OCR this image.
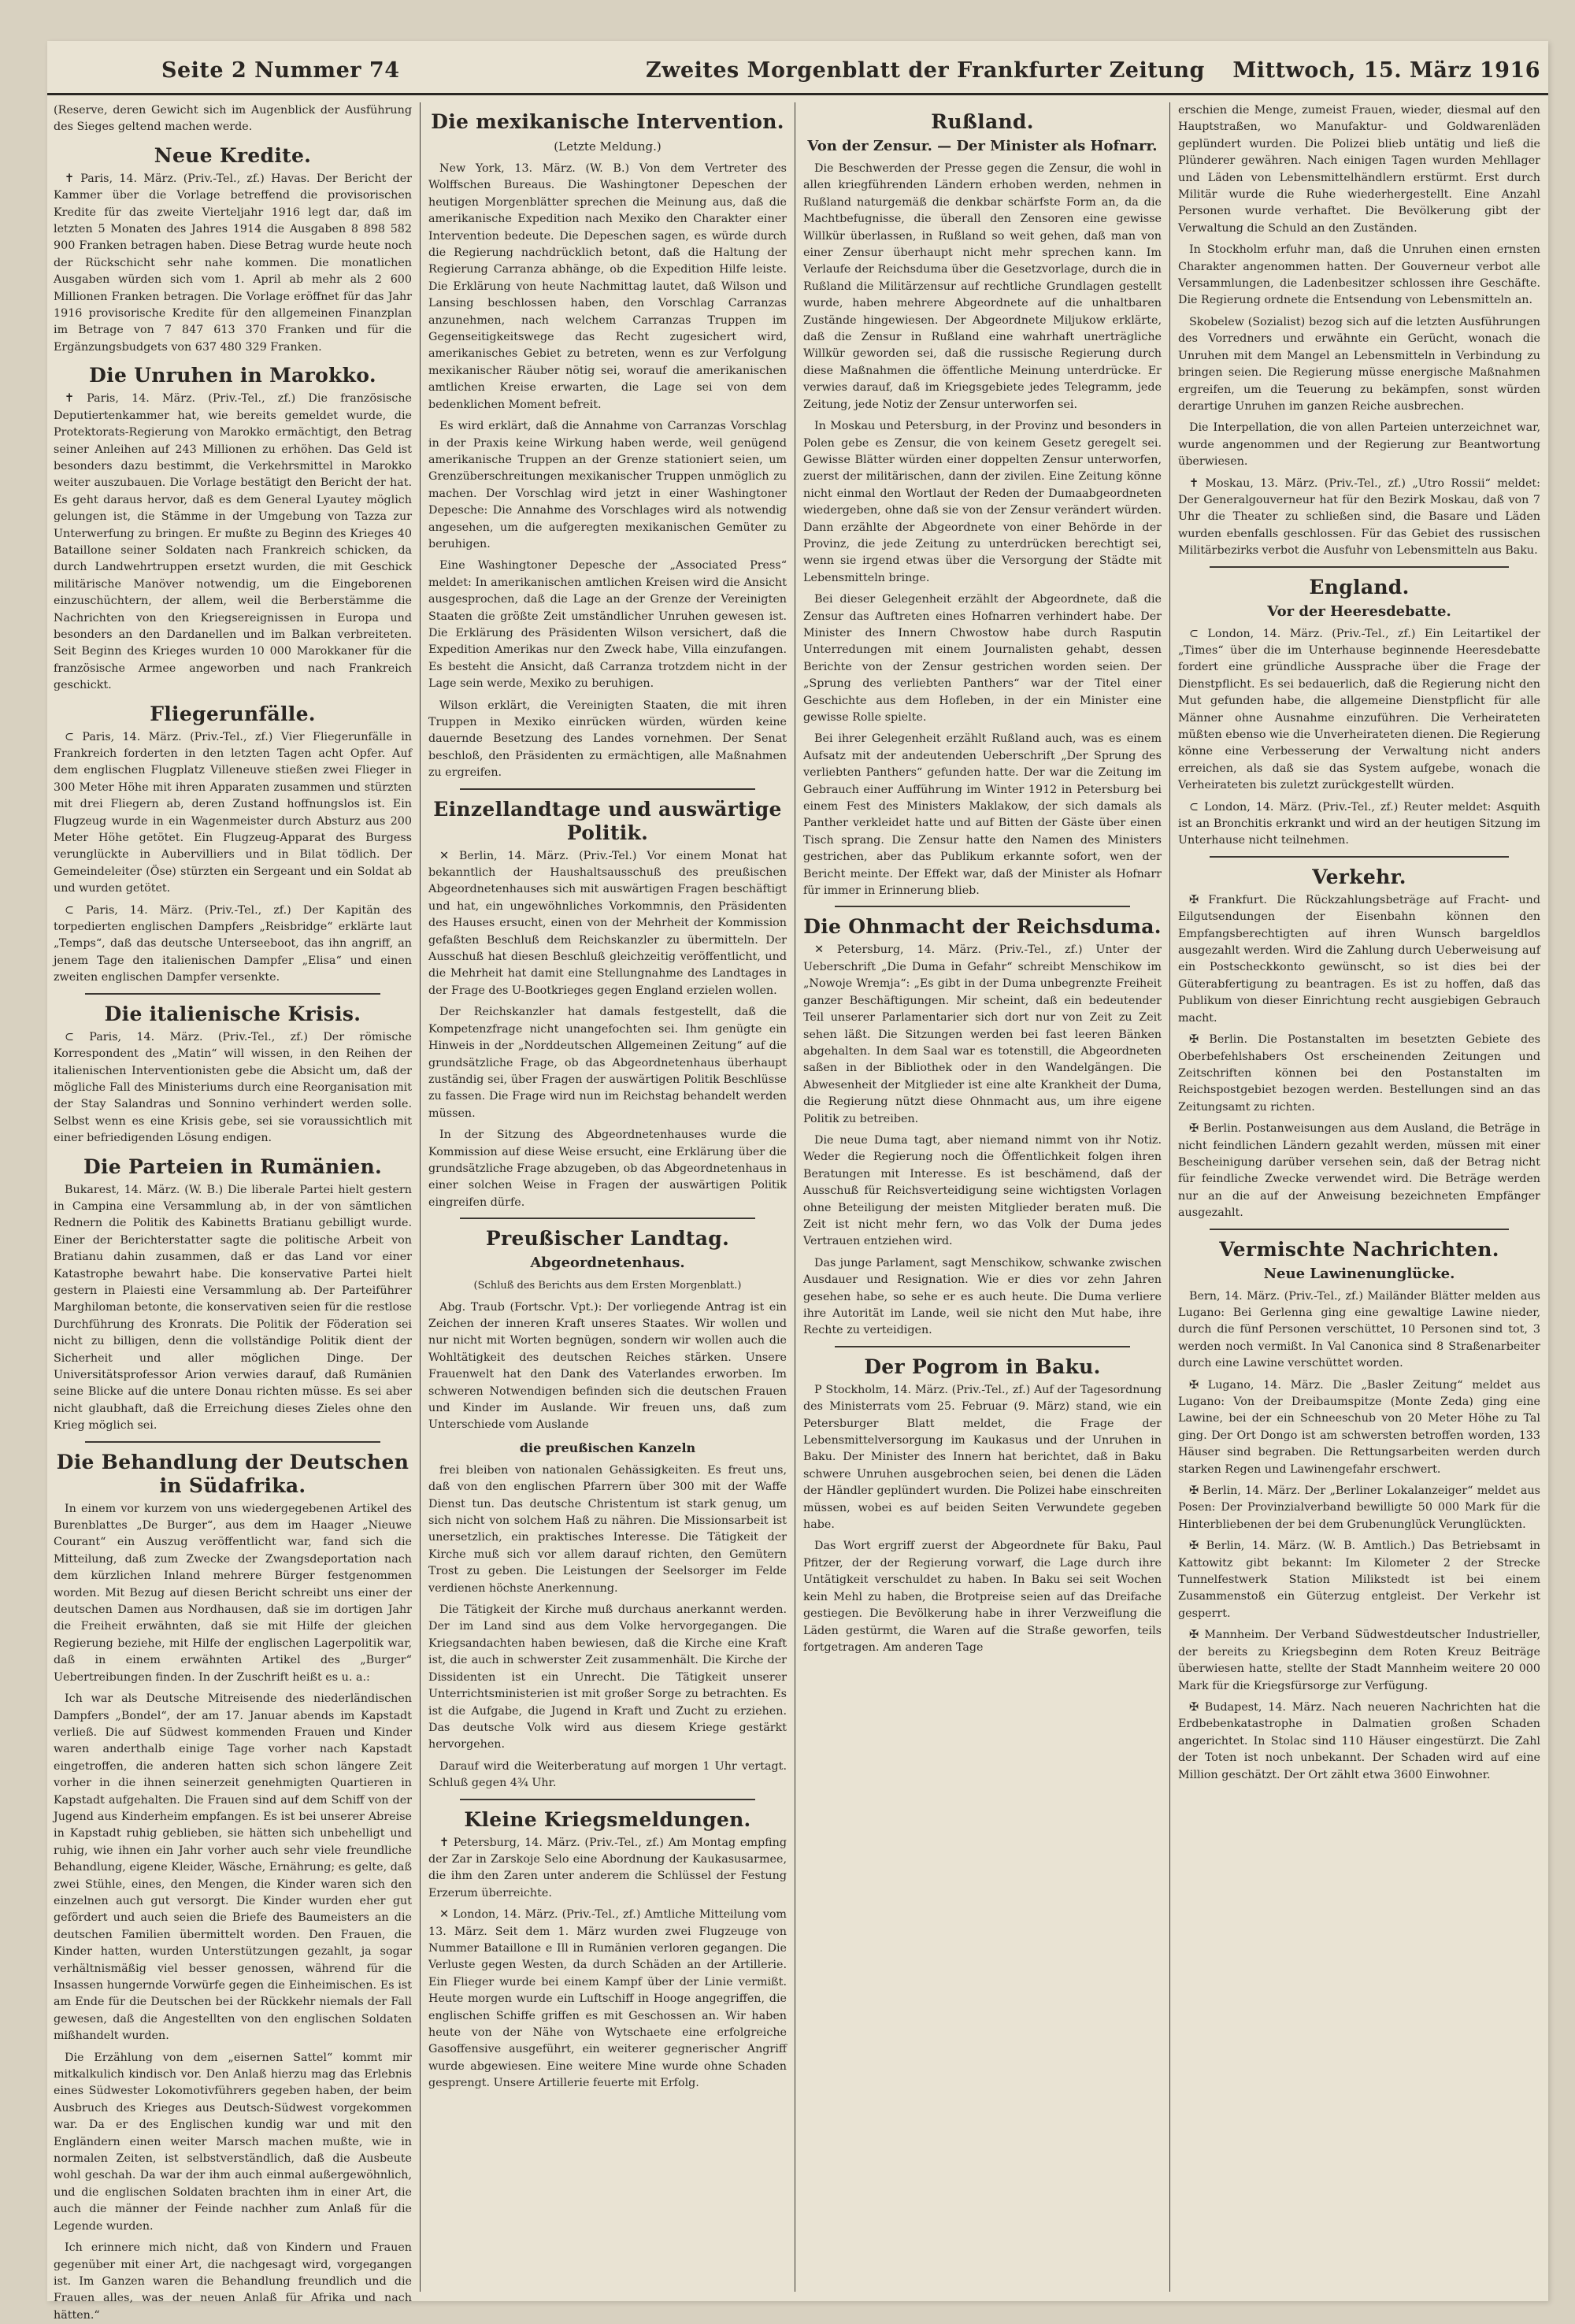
Seite 2 Nummer 74	Zweites Morgenblatt der Frankfurter Zeitung Mittwoch, 15. März 1916

(Reserve, deren Gewicht sich im Augenblick der Ausführung des Sieges geltend machen werde.

Neue Kredite.

✝ Paris, 14. März. (Priv.-Tel., zf.) Havas. Der Bericht der Kammer über die Vorlage betreffend die provisorischen Kredite für das zweite Vierteljahr 1916 legt dar, daß im letzten 5 Monaten des Jahres 1914 die Ausgaben 8 898 582 900 Franken betragen haben. Diese Betrag wurde heute noch der Rückschicht sehr nahe kommen. Die monatlichen Ausgaben würden sich vom 1. April ab mehr als 2 600 Millionen Franken betragen. Die Vorlage eröffnet für das Jahr 1916 provisorische Kredite für den allgemeinen Finanzplan im Betrage von 7 847 613 370 Franken und für die Ergänzungsbudgets von 637 480 329 Franken.

Die Unruhen in Marokko.

✝ Paris, 14. März. (Priv.-Tel., zf.) Die französische Deputiertenkammer hat, wie bereits gemeldet wurde, die Protektorats-Regierung von Marokko ermächtigt, den Betrag seiner Anleihen auf 243 Millionen zu erhöhen. Das Geld ist besonders dazu bestimmt, die Verkehrsmittel in Marokko weiter auszubauen. Die Vorlage bestätigt den Bericht der hat. Es geht daraus hervor, daß es dem General Lyautey möglich gelungen ist, die Stämme in der Umgebung von Tazza zur Unterwerfung zu bringen. Er mußte zu Beginn des Krieges 40 Bataillone seiner Soldaten nach Frankreich schicken, da durch Landwehrtruppen ersetzt wurden, die mit Geschick militärische Manöver notwendig, um die Eingeborenen einzuschüchtern, der allem, weil die Berberstämme die Nachrichten von den Kriegsereignissen in Europa und besonders an den Dardanellen und im Balkan verbreiteten. Seit Beginn des Krieges wurden 10 000 Marokkaner für die französische Armee angeworben und nach Frankreich geschickt.

Fliegerunfälle.

⊂ Paris, 14. März. (Priv.-Tel., zf.) Vier Fliegerunfälle in Frankreich forderten in den letzten Tagen acht Opfer. Auf dem englischen Flugplatz Villeneuve stießen zwei Flieger in 300 Meter Höhe mit ihren Apparaten zusammen und stürzten mit drei Fliegern ab, deren Zustand hoffnungslos ist. Ein Flugzeug wurde in ein Wagenmeister durch Absturz aus 200 Meter Höhe getötet. Ein Flugzeug-Apparat des Burgess verunglückte in Aubervilliers und in Bilat tödlich. Der Gemeindeleiter (Öse) stürzten ein Sergeant und ein Soldat ab und wurden getötet.

⊂ Paris, 14. März. (Priv.-Tel., zf.) Der Kapitän des torpedierten englischen Dampfers „Reisbridge“ erklärte laut „Temps“, daß das deutsche Unterseeboot, das ihn angriff, an jenem Tage den italienischen Dampfer „Elisa“ und einen zweiten englischen Dampfer versenkte.

Die italienische Krisis.

⊂ Paris, 14. März. (Priv.-Tel., zf.) Der römische Korrespondent des „Matin“ will wissen, in den Reihen der italienischen Interventionisten gebe die Absicht um, daß der mögliche Fall des Ministeriums durch eine Reorganisation mit der Stay Salandras und Sonnino verhindert werden solle. Selbst wenn es eine Krisis gebe, sei sie voraussichtlich mit einer befriedigenden Lösung endigen.

Die Parteien in Rumänien.

Bukarest, 14. März. (W. B.) Die liberale Partei hielt gestern in Campina eine Versammlung ab, in der von sämtlichen Rednern die Politik des Kabinetts Bratianu gebilligt wurde. Einer der Berichterstatter sagte die politische Arbeit von Bratianu dahin zusammen, daß er das Land vor einer Katastrophe bewahrt habe. Die konservative Partei hielt gestern in Plaiesti eine Versammlung ab. Der Parteiführer Marghiloman betonte, die konservativen seien für die restlose Durchführung des Kronrats. Die Politik der Föderation sei nicht zu billigen, denn die vollständige Politik dient der Sicherheit und aller möglichen Dinge. Der Universitätsprofessor Arion verwies darauf, daß Rumänien seine Blicke auf die untere Donau richten müsse. Es sei aber nicht glaubhaft, daß die Erreichung dieses Zieles ohne den Krieg möglich sei.

Die Behandlung der Deutschen in Südafrika.

In einem vor kurzem von uns wiedergegebenen Artikel des Burenblattes „De Burger“, aus dem im Haager „Nieuwe Courant“ ein Auszug veröffentlicht war, fand sich die Mitteilung, daß zum Zwecke der Zwangsdeportation nach dem kürzlichen Inland mehrere Bürger festgenommen worden. Mit Bezug auf diesen Bericht schreibt uns einer der deutschen Damen aus Nordhausen, daß sie im dortigen Jahr die Freiheit erwähnten, daß sie mit Hilfe der gleichen Regierung beziehe, mit Hilfe der englischen Lagerpolitik war, daß in einem erwähnten Artikel des „Burger“ Uebertreibungen finden. In der Zuschrift heißt es u. a.:

Ich war als Deutsche Mitreisende des niederländischen Dampfers „Bondel“, der am 17. Januar abends im Kapstadt verließ. Die auf Südwest kommenden Frauen und Kinder waren anderthalb einige Tage vorher nach Kapstadt eingetroffen, die anderen hatten sich schon längere Zeit vorher in die ihnen seinerzeit genehmigten Quartieren in Kapstadt aufgehalten. Die Frauen sind auf dem Schiff von der Jugend aus Kinderheim empfangen. Es ist bei unserer Abreise in Kapstadt ruhig geblieben, sie hätten sich unbehelligt und ruhig, wie ihnen ein Jahr vorher auch sehr viele freundliche Behandlung, eigene Kleider, Wäsche, Ernährung; es gelte, daß zwei Stühle, eines, den Mengen, die Kinder waren sich den einzelnen auch gut versorgt. Die Kinder wurden eher gut gefördert und auch seien die Briefe des Baumeisters an die deutschen Familien übermittelt worden. Den Frauen, die Kinder hatten, wurden Unterstützungen gezahlt, ja sogar verhältnismäßig viel besser genossen, während für die Insassen hungernde Vorwürfe gegen die Einheimischen. Es ist am Ende für die Deutschen bei der Rückkehr niemals der Fall gewesen, daß die Angestellten von den englischen Soldaten mißhandelt wurden.

Die Erzählung von dem „eisernen Sattel“ kommt mir mitkalkulich kindisch vor. Den Anlaß hierzu mag das Erlebnis eines Südwester Lokomotivführers gegeben haben, der beim Ausbruch des Krieges aus Deutsch-Südwest vorgekommen war. Da er des Englischen kundig war und mit den Engländern einen weiter Marsch machen mußte, wie in normalen Zeiten, ist selbstverständlich, daß die Ausbeute wohl geschah. Da war der ihm auch einmal außergewöhnlich, und die englischen Soldaten brachten ihm in einer Art, die auch die männer der Feinde nachher zum Anlaß für die Legende wurden.

Ich erinnere mich nicht, daß von Kindern und Frauen gegenüber mit einer Art, die nachgesagt wird, vorgegangen ist. Im Ganzen waren die Behandlung freundlich und die Frauen alles, was der neuen Anlaß für Afrika und nach hätten.“

Die mexikanische Intervention.
(Letzte Meldung.)

New York, 13. März. (W. B.) Von dem Vertreter des Wolffschen Bureaus. Die Washingtoner Depeschen der heutigen Morgenblätter sprechen die Meinung aus, daß die amerikanische Expedition nach Mexiko den Charakter einer Intervention bedeute. Die Depeschen sagen, es würde durch die Regierung nachdrücklich betont, daß die Haltung der Regierung Carranza abhänge, ob die Expedition Hilfe leiste. Die Erklärung von heute Nachmittag lautet, daß Wilson und Lansing beschlossen haben, den Vorschlag Carranzas anzunehmen, nach welchem Carranzas Truppen im Gegenseitigkeitswege das Recht zugesichert wird, amerikanisches Gebiet zu betreten, wenn es zur Verfolgung mexikanischer Räuber nötig sei, worauf die amerikanischen amtlichen Kreise erwarten, die Lage sei von dem bedenklichen Moment befreit.

Es wird erklärt, daß die Annahme von Carranzas Vorschlag in der Praxis keine Wirkung haben werde, weil genügend amerikanische Truppen an der Grenze stationiert seien, um Grenzüberschreitungen mexikanischer Truppen unmöglich zu machen. Der Vorschlag wird jetzt in einer Washingtoner Depesche: Die Annahme des Vorschlages wird als notwendig angesehen, um die aufgeregten mexikanischen Gemüter zu beruhigen.

Eine Washingtoner Depesche der „Associated Press“ meldet: In amerikanischen amtlichen Kreisen wird die Ansicht ausgesprochen, daß die Lage an der Grenze der Vereinigten Staaten die größte Zeit umständlicher Unruhen gewesen ist. Die Erklärung des Präsidenten Wilson versichert, daß die Expedition Amerikas nur den Zweck habe, Villa einzufangen. Es besteht die Ansicht, daß Carranza trotzdem nicht in der Lage sein werde, Mexiko zu beruhigen.

Wilson erklärt, die Vereinigten Staaten, die mit ihren Truppen in Mexiko einrücken würden, würden keine dauernde Besetzung des Landes vornehmen. Der Senat beschloß, den Präsidenten zu ermächtigen, alle Maßnahmen zu ergreifen.

Einzellandtage und auswärtige Politik.

✕ Berlin, 14. März. (Priv.-Tel.) Vor einem Monat hat bekanntlich der Haushaltsausschuß des preußischen Abgeordnetenhauses sich mit auswärtigen Fragen beschäftigt und hat, ein ungewöhnliches Vorkommnis, den Präsidenten des Hauses ersucht, einen von der Mehrheit der Kommission gefaßten Beschluß dem Reichskanzler zu übermitteln. Der Ausschuß hat diesen Beschluß gleichzeitig veröffentlicht, und die Mehrheit hat damit eine Stellungnahme des Landtages in der Frage des U-Bootkrieges gegen England erzielen wollen.

Der Reichskanzler hat damals festgestellt, daß die Kompetenzfrage nicht unangefochten sei. Ihm genügte ein Hinweis in der „Norddeutschen Allgemeinen Zeitung“ auf die grundsätzliche Frage, ob das Abgeordnetenhaus überhaupt zuständig sei, über Fragen der auswärtigen Politik Beschlüsse zu fassen. Die Frage wird nun im Reichstag behandelt werden müssen.

In der Sitzung des Abgeordnetenhauses wurde die Kommission auf diese Weise ersucht, eine Erklärung über die grundsätzliche Frage abzugeben, ob das Abgeordnetenhaus in einer solchen Weise in Fragen der auswärtigen Politik eingreifen dürfe.

Preußischer Landtag.
Abgeordnetenhaus.

(Schluß des Berichts aus dem Ersten Morgenblatt.)

Abg. Traub (Fortschr. Vpt.): Der vorliegende Antrag ist ein Zeichen der inneren Kraft unseres Staates. Wir wollen und nur nicht mit Worten begnügen, sondern wir wollen auch die Wohltätigkeit des deutschen Reiches stärken. Unsere Frauenwelt hat den Dank des Vaterlandes erworben. Im schweren Notwendigen befinden sich die deutschen Frauen und Kinder im Auslande. Wir freuen uns, daß zum Unterschiede vom Auslande

die preußischen Kanzeln

frei bleiben von nationalen Gehässigkeiten. Es freut uns, daß von den englischen Pfarrern über 300 mit der Waffe Dienst tun. Das deutsche Christentum ist stark genug, um sich nicht von solchem Haß zu nähren. Die Missionsarbeit ist unersetzlich, ein praktisches Interesse. Die Tätigkeit der Kirche muß sich vor allem darauf richten, den Gemütern Trost zu geben. Die Leistungen der Seelsorger im Felde verdienen höchste Anerkennung.

Die Tätigkeit der Kirche muß durchaus anerkannt werden. Der im Land sind aus dem Volke hervorgegangen. Die Kriegsandachten haben bewiesen, daß die Kirche eine Kraft ist, die auch in schwerster Zeit zusammenhält. Die Kirche der Dissidenten ist ein Unrecht. Die Tätigkeit unserer Unterrichtsministerien ist mit großer Sorge zu betrachten. Es ist die Aufgabe, die Jugend in Kraft und Zucht zu erziehen. Das deutsche Volk wird aus diesem Kriege gestärkt hervorgehen.

Darauf wird die Weiterberatung auf morgen 1 Uhr vertagt. Schluß gegen 4¾ Uhr.

Kleine Kriegsmeldungen.

✝ Petersburg, 14. März. (Priv.-Tel., zf.) Am Montag empfing der Zar in Zarskoje Selo eine Abordnung der Kaukasusarmee, die ihm den Zaren unter anderem die Schlüssel der Festung Erzerum überreichte.

✕ London, 14. März. (Priv.-Tel., zf.) Amtliche Mitteilung vom 13. März. Seit dem 1. März wurden zwei Flugzeuge von Nummer Bataillone e Ill in Rumänien verloren gegangen. Die Verluste gegen Westen, da durch Schäden an der Artillerie. Ein Flieger wurde bei einem Kampf über der Linie vermißt. Heute morgen wurde ein Luftschiff in Hooge angegriffen, die englischen Schiffe griffen es mit Geschossen an. Wir haben heute von der Nähe von Wytschaete eine erfolgreiche Gasoffensive ausgeführt, ein weiterer gegnerischer Angriff wurde abgewiesen. Eine weitere Mine wurde ohne Schaden gesprengt. Unsere Artillerie feuerte mit Erfolg.

Rußland.
Von der Zensur. — Der Minister als Hofnarr.

Die Beschwerden der Presse gegen die Zensur, die wohl in allen kriegführenden Ländern erhoben werden, nehmen in Rußland naturgemäß die denkbar schärfste Form an, da die Machtbefugnisse, die überall den Zensoren eine gewisse Willkür überlassen, in Rußland so weit gehen, daß man von einer Zensur überhaupt nicht mehr sprechen kann. Im Verlaufe der Reichsduma über die Gesetzvorlage, durch die in Rußland die Militärzensur auf rechtliche Grundlagen gestellt wurde, haben mehrere Abgeordnete auf die unhaltbaren Zustände hingewiesen. Der Abgeordnete Miljukow erklärte, daß die Zensur in Rußland eine wahrhaft unerträgliche Willkür geworden sei, daß die russische Regierung durch diese Maßnahmen die öffentliche Meinung unterdrücke. Er verwies darauf, daß im Kriegsgebiete jedes Telegramm, jede Zeitung, jede Notiz der Zensur unterworfen sei.

In Moskau und Petersburg, in der Provinz und besonders in Polen gebe es Zensur, die von keinem Gesetz geregelt sei. Gewisse Blätter würden einer doppelten Zensur unterworfen, zuerst der militärischen, dann der zivilen. Eine Zeitung könne nicht einmal den Wortlaut der Reden der Dumaabgeordneten wiedergeben, ohne daß sie von der Zensur verändert würden. Dann erzählte der Abgeordnete von einer Behörde in der Provinz, die jede Zeitung zu unterdrücken berechtigt sei, wenn sie irgend etwas über die Versorgung der Städte mit Lebensmitteln bringe.

Bei dieser Gelegenheit erzählt der Abgeordnete, daß die Zensur das Auftreten eines Hofnarren verhindert habe. Der Minister des Innern Chwostow habe durch Rasputin Unterredungen mit einem Journalisten gehabt, dessen Berichte von der Zensur gestrichen worden seien. Der „Sprung des verliebten Panthers“ war der Titel einer Geschichte aus dem Hofleben, in der ein Minister eine gewisse Rolle spielte.

Bei ihrer Gelegenheit erzählt Rußland auch, was es einem Aufsatz mit der andeutenden Ueberschrift „Der Sprung des verliebten Panthers“ gefunden hatte. Der war die Zeitung im Gebrauch einer Aufführung im Winter 1912 in Petersburg bei einem Fest des Ministers Maklakow, der sich damals als Panther verkleidet hatte und auf Bitten der Gäste über einen Tisch sprang. Die Zensur hatte den Namen des Ministers gestrichen, aber das Publikum erkannte sofort, wen der Bericht meinte. Der Effekt war, daß der Minister als Hofnarr für immer in Erinnerung blieb.

Die Ohnmacht der Reichsduma.

✕ Petersburg, 14. März. (Priv.-Tel., zf.) Unter der Ueberschrift „Die Duma in Gefahr“ schreibt Menschikow im „Nowoje Wremja“: „Es gibt in der Duma unbegrenzte Freiheit ganzer Beschäftigungen. Mir scheint, daß ein bedeutender Teil unserer Parlamentarier sich dort nur von Zeit zu Zeit sehen läßt. Die Sitzungen werden bei fast leeren Bänken abgehalten. In dem Saal war es totenstill, die Abgeordneten saßen in der Bibliothek oder in den Wandelgängen. Die Abwesenheit der Mitglieder ist eine alte Krankheit der Duma, die Regierung nützt diese Ohnmacht aus, um ihre eigene Politik zu betreiben.

Die neue Duma tagt, aber niemand nimmt von ihr Notiz. Weder die Regierung noch die Öffentlichkeit folgen ihren Beratungen mit Interesse. Es ist beschämend, daß der Ausschuß für Reichsverteidigung seine wichtigsten Vorlagen ohne Beteiligung der meisten Mitglieder beraten muß. Die Zeit ist nicht mehr fern, wo das Volk der Duma jedes Vertrauen entziehen wird.

Das junge Parlament, sagt Menschikow, schwanke zwischen Ausdauer und Resignation. Wie er dies vor zehn Jahren gesehen habe, so sehe er es auch heute. Die Duma verliere ihre Autorität im Lande, weil sie nicht den Mut habe, ihre Rechte zu verteidigen.

Der Pogrom in Baku.

P Stockholm, 14. März. (Priv.-Tel., zf.) Auf der Tagesordnung des Ministerrats vom 25. Februar (9. März) stand, wie ein Petersburger Blatt meldet, die Frage der Lebensmittelversorgung im Kaukasus und der Unruhen in Baku. Der Minister des Innern hat berichtet, daß in Baku schwere Unruhen ausgebrochen seien, bei denen die Läden der Händler geplündert wurden. Die Polizei habe einschreiten müssen, wobei es auf beiden Seiten Verwundete gegeben habe.

Das Wort ergriff zuerst der Abgeordnete für Baku, Paul Pfitzer, der der Regierung vorwarf, die Lage durch ihre Untätigkeit verschuldet zu haben. In Baku sei seit Wochen kein Mehl zu haben, die Brotpreise seien auf das Dreifache gestiegen. Die Bevölkerung habe in ihrer Verzweiflung die Läden gestürmt, die Waren auf die Straße geworfen, teils fortgetragen. Am anderen Tage

erschien die Menge, zumeist Frauen, wieder, diesmal auf den Hauptstraßen, wo Manufaktur- und Goldwarenläden geplündert wurden. Die Polizei blieb untätig und ließ die Plünderer gewähren. Nach einigen Tagen wurden Mehllager und Läden von Lebensmittelhändlern erstürmt. Erst durch Militär wurde die Ruhe wiederhergestellt. Eine Anzahl Personen wurde verhaftet. Die Bevölkerung gibt der Verwaltung die Schuld an den Zuständen.

In Stockholm erfuhr man, daß die Unruhen einen ernsten Charakter angenommen hatten. Der Gouverneur verbot alle Versammlungen, die Ladenbesitzer schlossen ihre Geschäfte. Die Regierung ordnete die Entsendung von Lebensmitteln an.

Skobelew (Sozialist) bezog sich auf die letzten Ausführungen des Vorredners und erwähnte ein Gerücht, wonach die Unruhen mit dem Mangel an Lebensmitteln in Verbindung zu bringen seien. Die Regierung müsse energische Maßnahmen ergreifen, um die Teuerung zu bekämpfen, sonst würden derartige Unruhen im ganzen Reiche ausbrechen.

Die Interpellation, die von allen Parteien unterzeichnet war, wurde angenommen und der Regierung zur Beantwortung überwiesen.

✝ Moskau, 13. März. (Priv.-Tel., zf.) „Utro Rossii“ meldet: Der Generalgouverneur hat für den Bezirk Moskau, daß von 7 Uhr die Theater zu schließen sind, die Basare und Läden wurden ebenfalls geschlossen. Für das Gebiet des russischen Militärbezirks verbot die Ausfuhr von Lebensmitteln aus Baku.

England.
Vor der Heeresdebatte.

⊂ London, 14. März. (Priv.-Tel., zf.) Ein Leitartikel der „Times“ über die im Unterhause beginnende Heeresdebatte fordert eine gründliche Aussprache über die Frage der Dienstpflicht. Es sei bedauerlich, daß die Regierung nicht den Mut gefunden habe, die allgemeine Dienstpflicht für alle Männer ohne Ausnahme einzuführen. Die Verheirateten müßten ebenso wie die Unverheirateten dienen. Die Regierung könne eine Verbesserung der Verwaltung nicht anders erreichen, als daß sie das System aufgebe, wonach die Verheirateten bis zuletzt zurückgestellt würden.

⊂ London, 14. März. (Priv.-Tel., zf.) Reuter meldet: Asquith ist an Bronchitis erkrankt und wird an der heutigen Sitzung im Unterhause nicht teilnehmen.

Verkehr.

✠ Frankfurt. Die Rückzahlungsbeträge auf Fracht- und Eilgutsendungen der Eisenbahn können den Empfangsberechtigten auf ihren Wunsch bargeldlos ausgezahlt werden. Wird die Zahlung durch Ueberweisung auf ein Postscheckkonto gewünscht, so ist dies bei der Güterabfertigung zu beantragen. Es ist zu hoffen, daß das Publikum von dieser Einrichtung recht ausgiebigen Gebrauch macht.

✠ Berlin. Die Postanstalten im besetzten Gebiete des Oberbefehlshabers Ost erscheinenden Zeitungen und Zeitschriften können bei den Postanstalten im Reichspostgebiet bezogen werden. Bestellungen sind an das Zeitungsamt zu richten.

✠ Berlin. Postanweisungen aus dem Ausland, die Beträge in nicht feindlichen Ländern gezahlt werden, müssen mit einer Bescheinigung darüber versehen sein, daß der Betrag nicht für feindliche Zwecke verwendet wird. Die Beträge werden nur an die auf der Anweisung bezeichneten Empfänger ausgezahlt.

Vermischte Nachrichten.
Neue Lawinenunglücke.

Bern, 14. März. (Priv.-Tel., zf.) Mailänder Blätter melden aus Lugano: Bei Gerlenna ging eine gewaltige Lawine nieder, durch die fünf Personen verschüttet, 10 Personen sind tot, 3 werden noch vermißt. In Val Canonica sind 8 Straßenarbeiter durch eine Lawine verschüttet worden.

✠ Lugano, 14. März. Die „Basler Zeitung“ meldet aus Lugano: Von der Dreibaumspitze (Monte Zeda) ging eine Lawine, bei der ein Schneeschub von 20 Meter Höhe zu Tal ging. Der Ort Dongo ist am schwersten betroffen worden, 133 Häuser sind begraben. Die Rettungsarbeiten werden durch starken Regen und Lawinengefahr erschwert.

✠ Berlin, 14. März. Der „Berliner Lokalanzeiger“ meldet aus Posen: Der Provinzialverband bewilligte 50 000 Mark für die Hinterbliebenen der bei dem Grubenunglück Verunglückten.

✠ Berlin, 14. März. (W. B. Amtlich.) Das Betriebsamt in Kattowitz gibt bekannt: Im Kilometer 2 der Strecke Tunnelfestwerk Station Milikstedt ist bei einem Zusammenstoß ein Güterzug entgleist. Der Verkehr ist gesperrt.

✠ Mannheim. Der Verband Südwestdeutscher Industrieller, der bereits zu Kriegsbeginn dem Roten Kreuz Beiträge überwiesen hatte, stellte der Stadt Mannheim weitere 20 000 Mark für die Kriegsfürsorge zur Verfügung.

✠ Budapest, 14. März. Nach neueren Nachrichten hat die Erdbebenkatastrophe in Dalmatien großen Schaden angerichtet. In Stolac sind 110 Häuser eingestürzt. Die Zahl der Toten ist noch unbekannt. Der Schaden wird auf eine Million geschätzt. Der Ort zählt etwa 3600 Einwohner.
